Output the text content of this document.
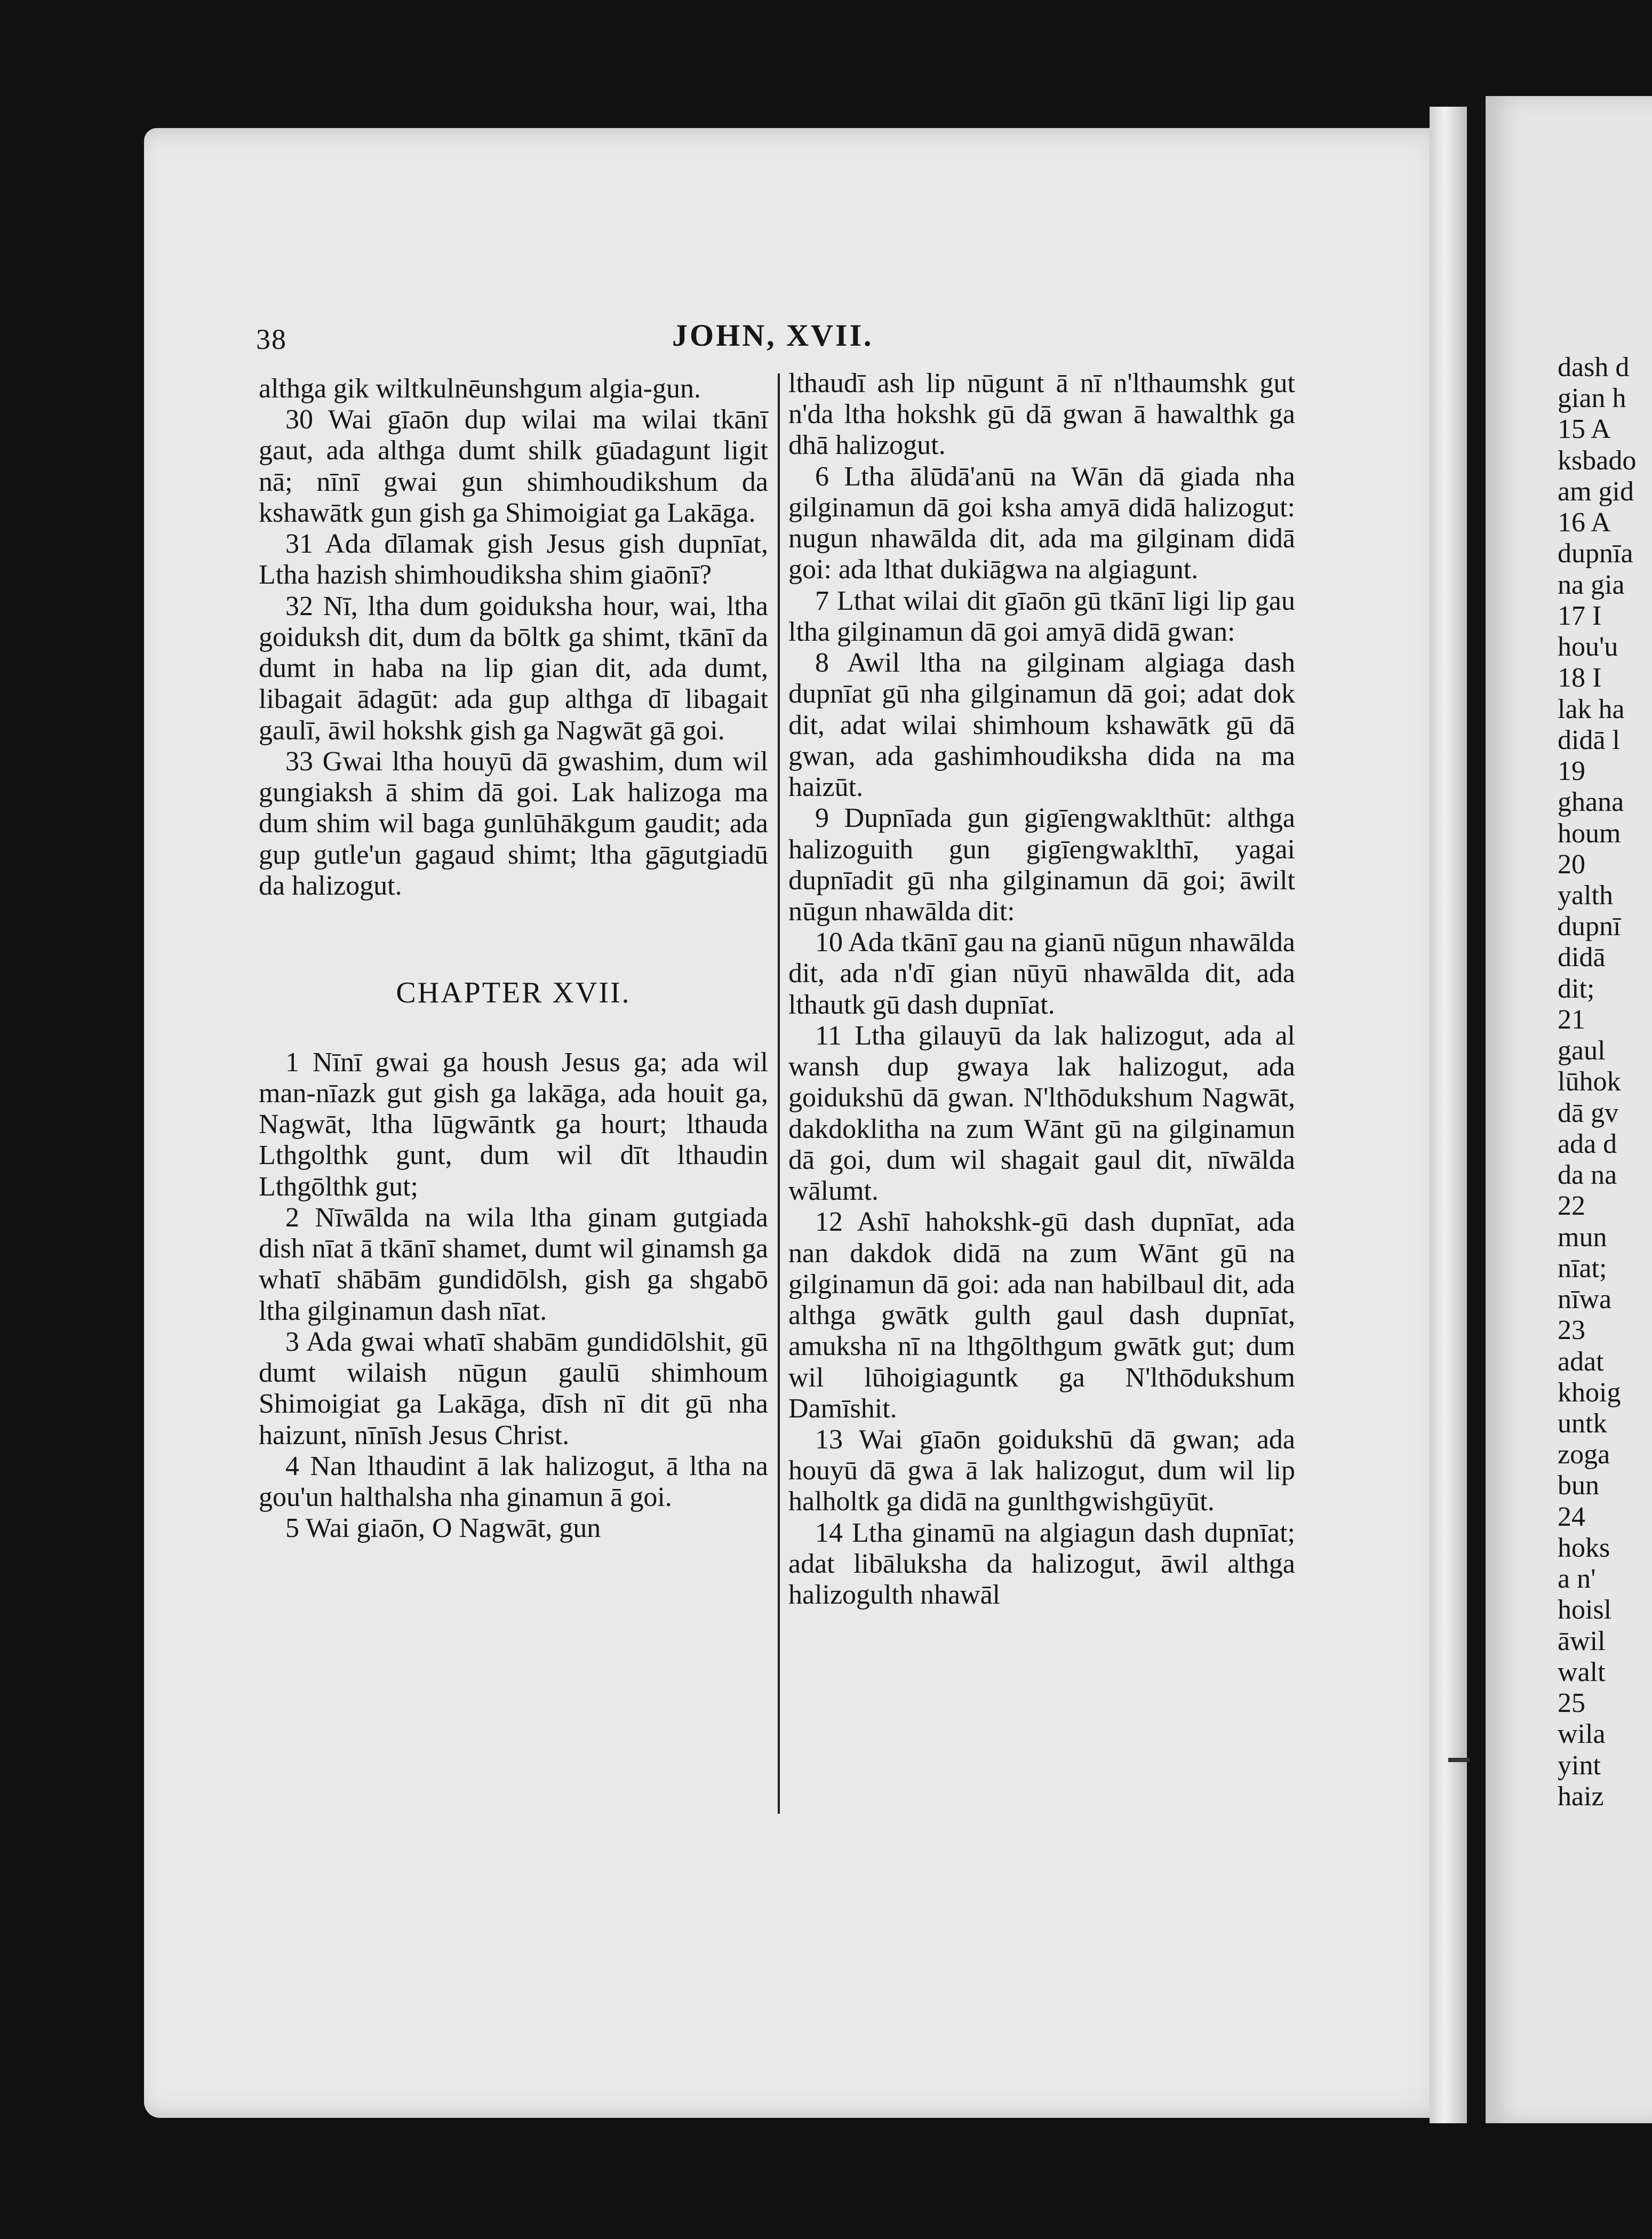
38	JOHN, XVII.

althga gik wiltkulnēunshgum algia-gun.

30 Wai gīaōn dup wilai ma wilai tkānī gaut, ada althga dumt shilk gūadagunt ligit nā; nīnī gwai gun shimhoudikshum da kshawātk gun gish ga Shimoigiat ga Lakāga.

31 Ada dīlamak gish Jesus gish dupnīat, Ltha hazish shimhoudiksha shim giaōnī?

32 Nī, ltha dum goiduksha hour, wai, ltha goiduksh dit, dum da bōltk ga shimt, tkānī da dumt in haba na lip gian dit, ada dumt, libagait ādagūt: ada gup althga dī libagait gaulī, āwil hokshk gish ga Nagwāt gā goi.

33 Gwai ltha houyū dā gwashim, dum wil gungiaksh ā shim dā goi. Lak halizoga ma dum shim wil baga gunlūhākgum gaudit; ada gup gutle'un gagaud shimt; ltha gāgutgiadū da halizogut.

CHAPTER XVII.

1 Nīnī gwai ga housh Jesus ga; ada wil man-nīazk gut gish ga lakāga, ada houit ga, Nagwāt, ltha lūgwāntk ga hourt; lthauda Lthgolthk gunt, dum wil dīt lthaudin Lthgōlthk gut;

2 Nīwālda na wila ltha ginam gutgiada dish nīat ā tkānī shamet, dumt wil ginamsh ga whatī shābām gundidōlsh, gish ga shgabō ltha gilginamun dash nīat.

3 Ada gwai whatī shabām gundidōlshit, gū dumt wilaish nūgun gaulū shimhoum Shimoigiat ga Lakāga, dīsh nī dit gū nha haizunt, nīnīsh Jesus Christ.

4 Nan lthaudint ā lak halizogut, ā ltha na gou'un halthalsha nha ginamun ā goi.

5 Wai giaōn, O Nagwāt, gun

lthaudī ash lip nūgunt ā nī n'lthaumshk gut n'da ltha hokshk gū dā gwan ā hawalthk ga dhā halizogut.

6 Ltha ālūdā'anū na Wān dā giada nha gilginamun dā goi ksha amyā didā halizogut: nugun nhawālda dit, ada ma gilginam didā goi: ada lthat dukiāgwa na algiagunt.

7 Lthat wilai dit gīaōn gū tkānī ligi lip gau ltha gilginamun dā goi amyā didā gwan:

8 Awil ltha na gilginam algiaga dash dupnīat gū nha gilginamun dā goi; adat dok dit, adat wilai shimhoum kshawātk gū dā gwan, ada gashimhoudiksha dida na ma haizūt.

9 Dupnīada gun gigīengwaklthūt: althga halizoguith gun gigīengwaklthī, yagai dupnīadit gū nha gilginamun dā goi; āwilt nūgun nhawālda dit:

10 Ada tkānī gau na gianū nūgun nhawālda dit, ada n'dī gian nūyū nhawālda dit, ada lthautk gū dash dupnīat.

11 Ltha gilauyū da lak halizogut, ada al wansh dup gwaya lak halizogut, ada goidukshū dā gwan. N'lthōdukshum Nagwāt, dakdoklitha na zum Wānt gū na gilginamun dā goi, dum wil shagait gaul dit, nīwālda wālumt.

12 Ashī hahokshk-gū dash dupnīat, ada nan dakdok didā na zum Wānt gū na gilginamun dā goi: ada nan habilbaul dit, ada althga gwātk gulth gaul dash dupnīat, amuksha nī na lthgōlthgum gwātk gut; dum wil lūhoigiaguntk ga N'lthōdukshum Damīshit.

13 Wai gīaōn goidukshū dā gwan; ada houyū dā gwa ā lak halizogut, dum wil lip halholtk ga didā na gunlthgwishgūyūt.

14 Ltha ginamū na algiagun dash dupnīat; adat libāluksha da halizogut, āwil althga halizogulth nhawāl

dash d
gian h
15 A
ksbado
am gid
16 A
dupnīa
na gia
17 I
hou'u
18 I
lak ha
didā l
19
ghana
houm
20
yalth
dupnī
didā
dit;
21
gaul
lūhok
dā gv
ada d
da na
22
mun
nīat;
nīwa
23
adat
khoig
untk
zoga
bun
24
hoks
a n'
hoisl
āwil
walt
25
wila
yint
haiz
